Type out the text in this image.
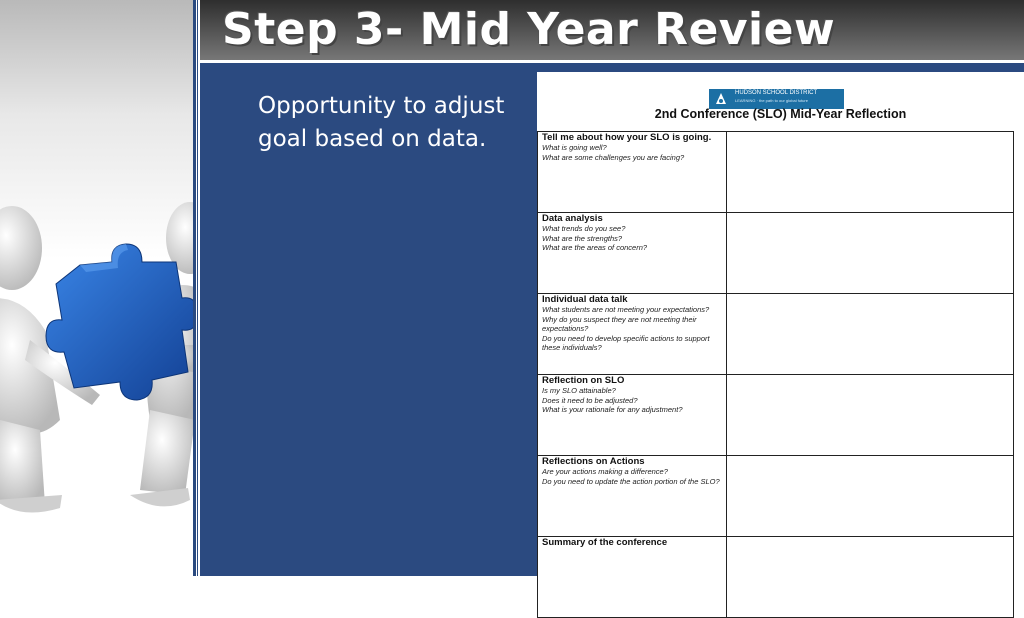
Step 3- Mid Year Review
Opportunity to adjust goal based on data.
HUDSON SCHOOL DISTRICT
LEARNING · the path to our global future
2nd Conference (SLO) Mid-Year Reflection
Tell me about how your SLO is going.
What is going well?
What are some challenges you are facing?	

Data analysis
What trends do you see?
What are the strengths?
What are the areas of concern?	

Individual data talk
What students are not meeting your expectations?
Why do you suspect they are not meeting their expectations?
Do you need to develop specific actions to support these individuals?	

Reflection on SLO
Is my SLO attainable?
Does it need to be adjusted?
What is your rationale for any adjustment?	

Reflections on Actions
Are your actions making a difference?
Do you need to update the action portion of the SLO?	

Summary of the conference	
